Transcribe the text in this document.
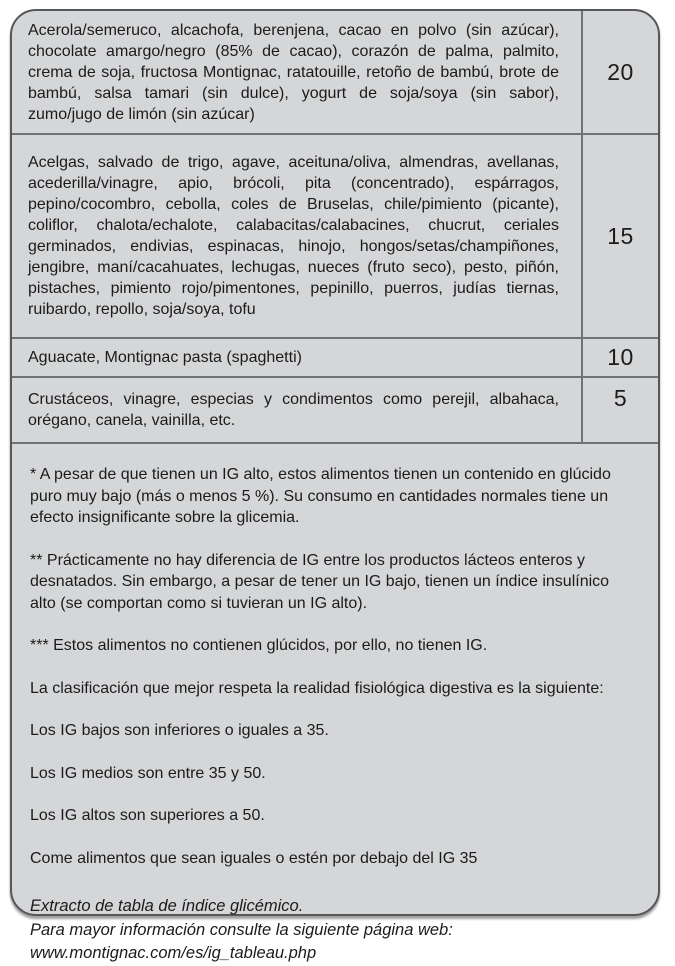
Acerola/semeruco, alcachofa, berenjena, cacao en polvo (sin azúcar), chocolate amargo/negro (85% de cacao), corazón de palma, palmito, crema de soja, fructosa Montignac, ratatouille, retoño de bambú, brote de bambú, salsa tamari (sin dulce), yogurt de soja/soya (sin sabor), zumo/jugo de limón (sin azúcar)

20

Acelgas, salvado de trigo, agave, aceituna/oliva, almendras, avellanas, acederilla/vinagre, apio, brócoli, pita (concentrado), espárragos, pepino/cocombro, cebolla, coles de Bruselas, chile/pimiento (picante), coliflor, chalota/echalote, calabacitas/calabacines, chucrut, ceriales germinados, endivias, espinacas, hinojo, hongos/setas/champiñones, jengibre, maní/cacahuates, lechugas, nueces (fruto seco), pesto, piñón, pistaches, pimiento rojo/pimentones, pepinillo, puerros, judías tiernas, ruibardo, repollo, soja/soya, tofu

15

Aguacate, Montignac pasta (spaghetti)	10

Crustáceos, vinagre, especias y condimentos como perejil, albahaca, orégano, canela, vainilla, etc.

5

* A pesar de que tienen un IG alto, estos alimentos tienen un contenido en glúcido puro muy bajo (más o menos 5 %). Su consumo en cantidades normales tiene un efecto insignificante sobre la glicemia.

** Prácticamente no hay diferencia de IG entre los productos lácteos enteros y desnatados. Sin embargo, a pesar de tener un IG bajo, tienen un índice insulínico alto (se comportan como si tuvieran un IG alto).

*** Estos alimentos no contienen glúcidos, por ello, no tienen IG.

La clasificación que mejor respeta la realidad fisiológica digestiva es la siguiente:

Los IG bajos son inferiores o iguales a 35.

Los IG medios son entre 35 y 50.

Los IG altos son superiores a 50.

Come alimentos que sean iguales o estén por debajo del IG 35

Extracto de tabla de índice glicémico.
Para mayor información consulte la siguiente página web:
www.montignac.com/es/ig_tableau.php
